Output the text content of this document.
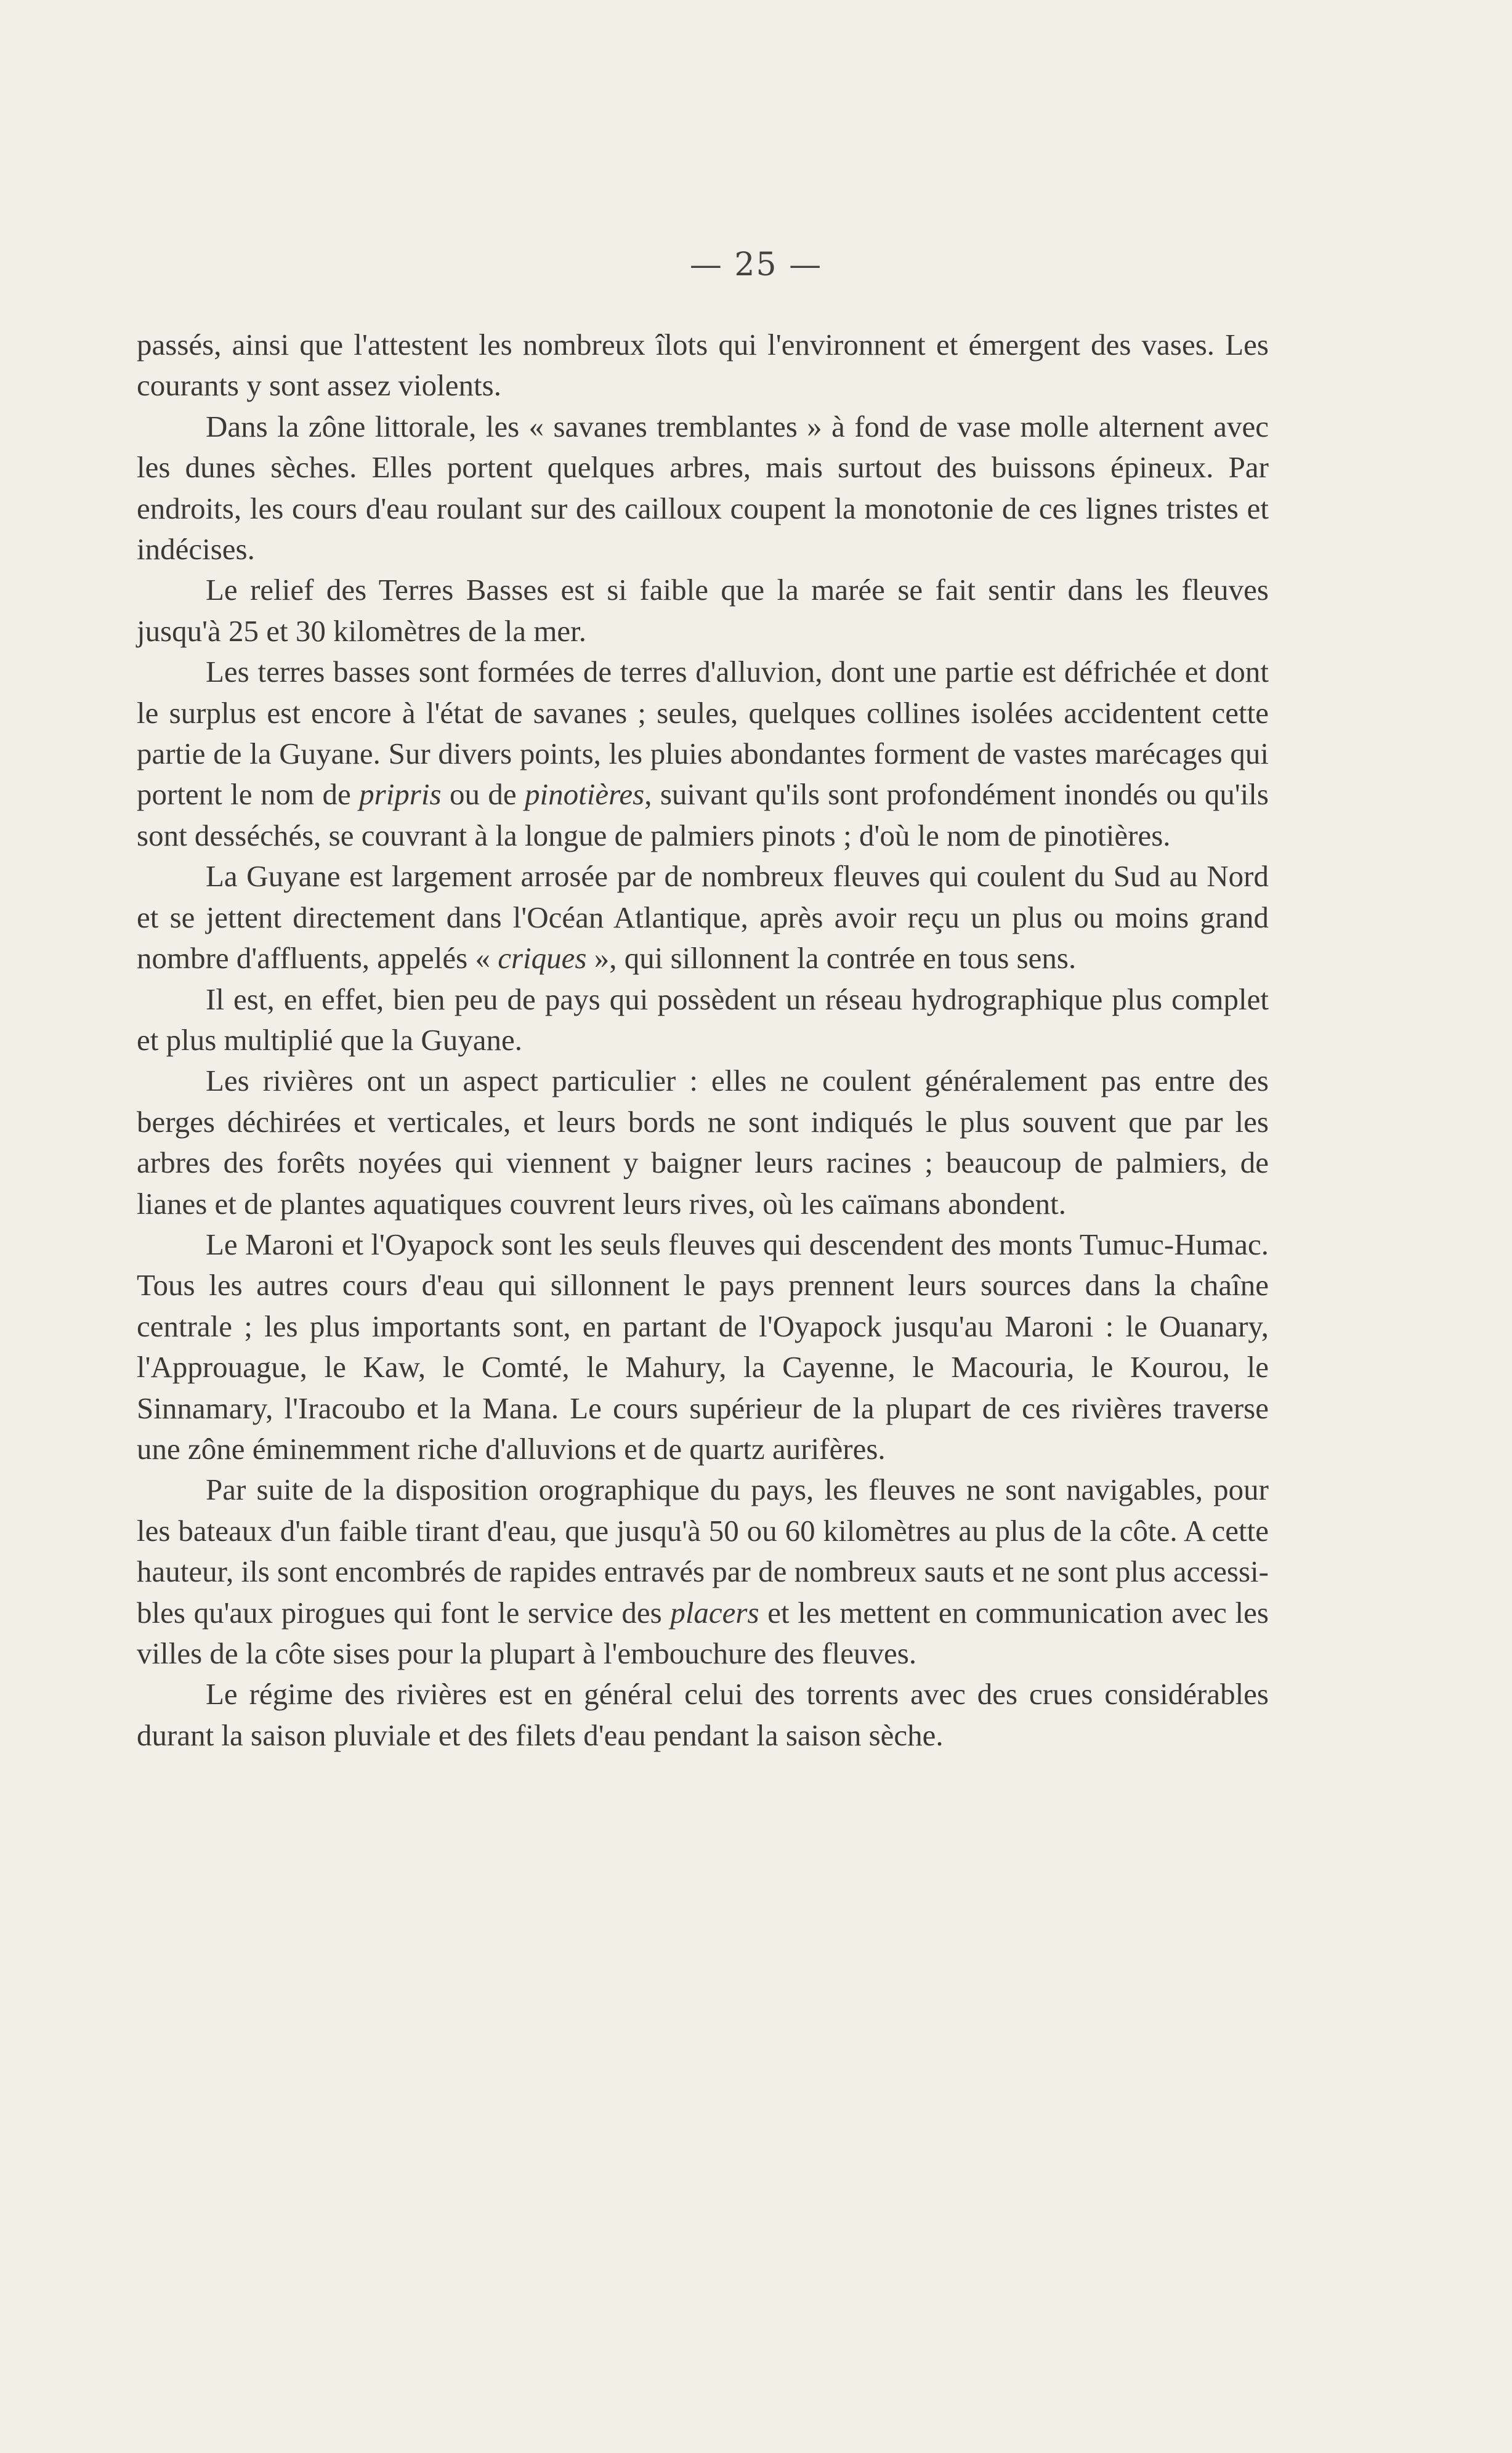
— 25 —

passés, ainsi que l'attestent les nombreux îlots qui l'environnent et émergent des vases. Les courants y sont assez violents.

Dans la zône littorale, les « savanes tremblantes » à fond de vase molle alternent avec les dunes sèches. Elles portent quelques arbres, mais surtout des buissons épineux. Par endroits, les cours d'eau roulant sur des cailloux coupent la monotonie de ces lignes tristes et indécises.

Le relief des Terres Basses est si faible que la marée se fait sentir dans les fleuves jusqu'à 25 et 30 kilomètres de la mer.

Les terres basses sont formées de terres d'alluvion, dont une partie est défrichée et dont le surplus est encore à l'état de savanes ; seules, quelques collines isolées accidentent cette partie de la Guyane. Sur divers points, les pluies abondantes forment de vastes marécages qui portent le nom de pripris ou de pinotières, suivant qu'ils sont profondément inondés ou qu'ils sont desséchés, se couvrant à la longue de palmiers pinots ; d'où le nom de pinotières.

La Guyane est largement arrosée par de nombreux fleuves qui coulent du Sud au Nord et se jettent directement dans l'Océan Atlantique, après avoir reçu un plus ou moins grand nombre d'affluents, appelés « criques », qui sillonnent la contrée en tous sens.

Il est, en effet, bien peu de pays qui possèdent un réseau hydrographique plus complet et plus multiplié que la Guyane.

Les rivières ont un aspect particulier : elles ne coulent généralement pas entre des berges déchirées et verticales, et leurs bords ne sont indiqués le plus souvent que par les arbres des forêts noyées qui viennent y baigner leurs racines ; beaucoup de palmiers, de lianes et de plantes aquatiques couvrent leurs rives, où les caïmans abondent.

Le Maroni et l'Oyapock sont les seuls fleuves qui descendent des monts Tumuc-Humac. Tous les autres cours d'eau qui sillonnent le pays prennent leurs sources dans la chaîne centrale ; les plus importants sont, en partant de l'Oyapock jusqu'au Maroni : le Ouanary, l'Approuague, le Kaw, le Comté, le Mahury, la Cayenne, le Macouria, le Kourou, le Sinnamary, l'Iracoubo et la Mana. Le cours supérieur de la plupart de ces rivières traverse une zône éminemment riche d'alluvions et de quartz aurifères.

Par suite de la disposition orographique du pays, les fleuves ne sont navigables, pour les bateaux d'un faible tirant d'eau, que jusqu'à 50 ou 60 kilomètres au plus de la côte. A cette hauteur, ils sont encombrés de rapides entravés par de nombreux sauts et ne sont plus accessibles qu'aux pirogues qui font le service des placers et les mettent en communication avec les villes de la côte sises pour la plupart à l'embouchure des fleuves.

Le régime des rivières est en général celui des torrents avec des crues considérables durant la saison pluviale et des filets d'eau pendant la saison sèche.
